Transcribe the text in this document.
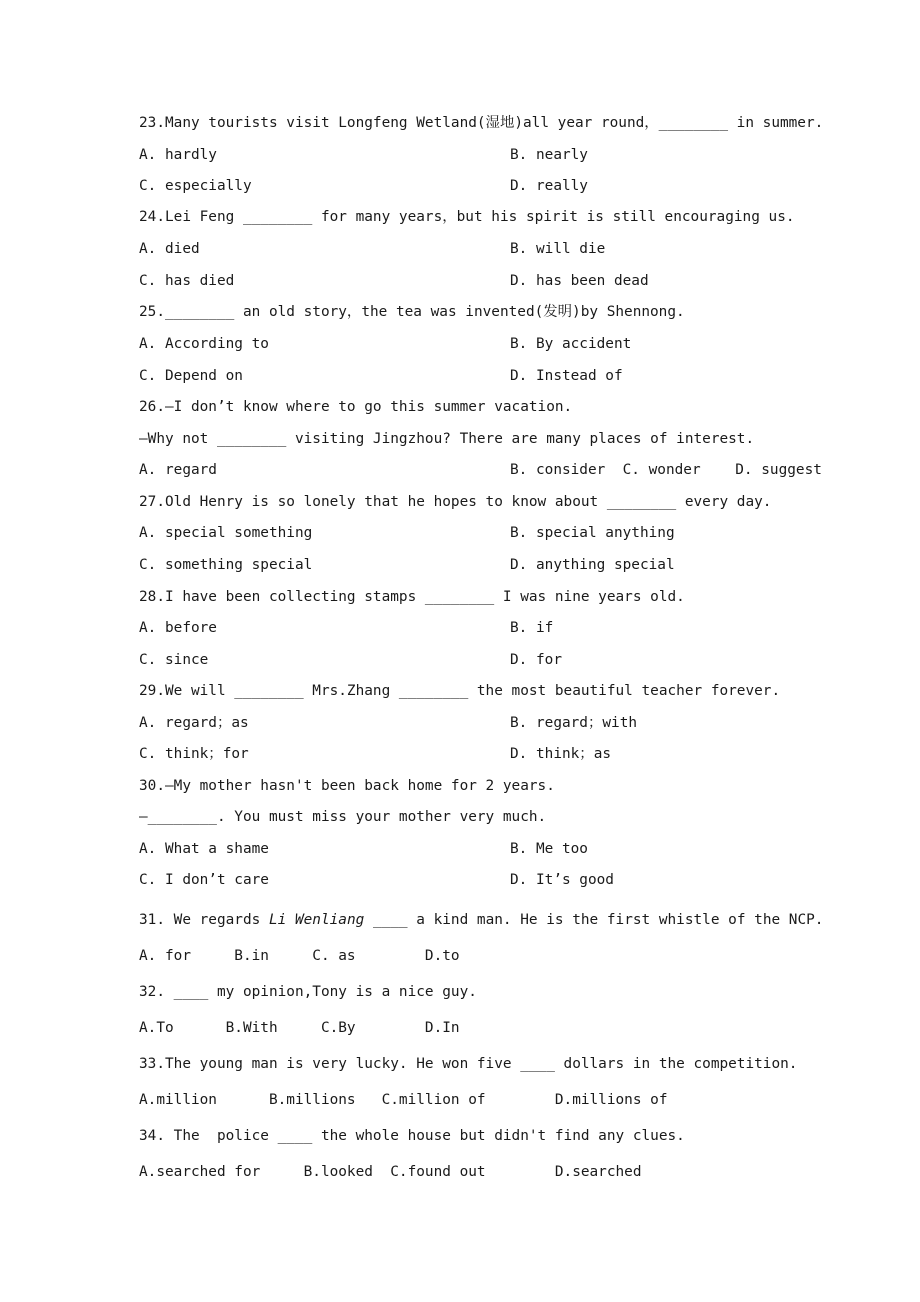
23.Many tourists visit Longfeng Wetland(湿地)all year round，________ in summer.
A. hardly	B. nearly
C. especially	D. really
24.Lei Feng ________ for many years，but his spirit is still encouraging us.
A. died	B. will die
C. has died	D. has been dead
25.________ an old story，the tea was invented(发明)by Shennong.
A. According to	B. By accident
C. Depend on	D. Instead of
26.—I don’t know where to go this summer vacation.
—Why not ________ visiting Jingzhou? There are many places of interest.
A. regard	B. consider  C. wonder    D. suggest
27.Old Henry is so lonely that he hopes to know about ________ every day.
A. special something	B. special anything
C. something special	D. anything special
28.I have been collecting stamps ________ I was nine years old.
A. before	B. if
C. since	D. for
29.We will ________ Mrs.Zhang ________ the most beautiful teacher forever.
A. regard；as	B. regard；with
C. think；for	D. think；as
30.—My mother hasn't been back home for 2 years.
—________. You must miss your mother very much.
A. What a shame	B. Me too
C. I don’t care	D. It’s good
31. We regards Li Wenliang ____ a kind man. He is the first whistle of the NCP.
A. for     B.in     C. as        D.to
32. ____ my opinion,Tony is a nice guy.
A.To      B.With     C.By        D.In
33.The young man is very lucky. He won five ____ dollars in the competition.
A.million      B.millions   C.million of        D.millions of
34. The  police ____ the whole house but didn't find any clues.
A.searched for     B.looked  C.found out        D.searched
